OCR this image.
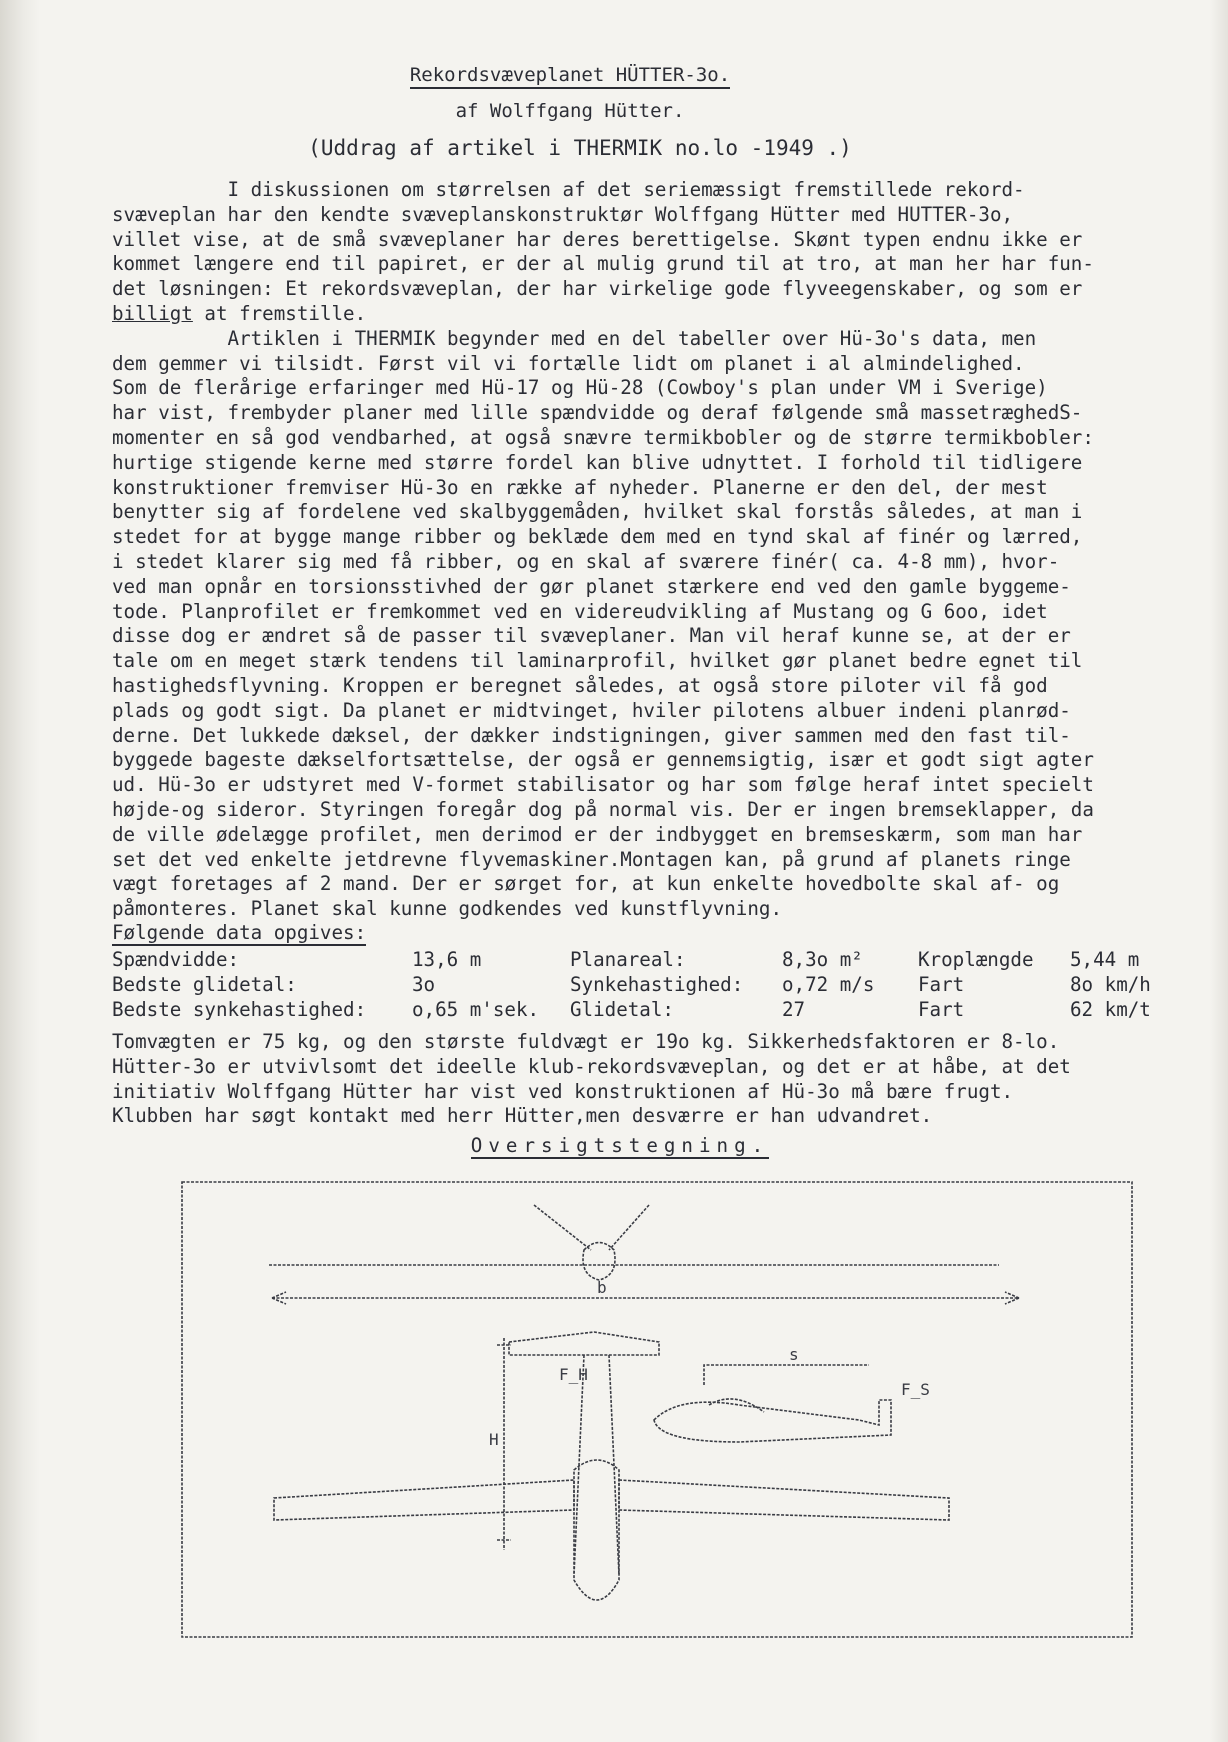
Rekordsvæveplanet HÜTTER-3o.
af Wolffgang Hütter.
(Uddrag af artikel i THERMIK no.lo -1949 .)
I diskussionen om størrelsen af det seriemæssigt fremstillede rekord-
svæveplan har den kendte svæveplanskonstruktør Wolffgang Hütter med HUTTER-3o,
villet vise, at de små svæveplaner har deres berettigelse. Skønt typen endnu ikke er
kommet længere end til papiret, er der al mulig grund til at tro, at man her har fun-
det løsningen: Et rekordsvæveplan, der har virkelige gode flyveegenskaber, og som er
billigt at fremstille.
Artiklen i THERMIK begynder med en del tabeller over Hü-3o's data, men
dem gemmer vi tilsidt. Først vil vi fortælle lidt om planet i al almindelighed.
Som de flerårige erfaringer med Hü-17 og Hü-28 (Cowboy's plan under VM i Sverige)
har vist, frembyder planer med lille spændvidde og deraf følgende små massetræghedS-
momenter en så god vendbarhed, at også snævre termikbobler og de større termikbobler:
hurtige stigende kerne med større fordel kan blive udnyttet. I forhold til tidligere
konstruktioner fremviser Hü-3o en række af nyheder. Planerne er den del, der mest
benytter sig af fordelene ved skalbyggemåden, hvilket skal forstås således, at man i
stedet for at bygge mange ribber og beklæde dem med en tynd skal af finér og lærred,
i stedet klarer sig med få ribber, og en skal af sværere finér( ca. 4-8 mm), hvor-
ved man opnår en torsionsstivhed der gør planet stærkere end ved den gamle byggeme-
tode. Planprofilet er fremkommet ved en videreudvikling af Mustang og G 6oo, idet
disse dog er ændret så de passer til svæveplaner. Man vil heraf kunne se, at der er
tale om en meget stærk tendens til laminarprofil, hvilket gør planet bedre egnet til
hastighedsflyvning. Kroppen er beregnet således, at også store piloter vil få god
plads og godt sigt. Da planet er midtvinget, hviler pilotens albuer indeni planrød-
derne. Det lukkede dæksel, der dækker indstigningen, giver sammen med den fast til-
byggede bageste dækselfortsættelse, der også er gennemsigtig, især et godt sigt agter
ud. Hü-3o er udstyret med V-formet stabilisator og har som følge heraf intet specielt
højde-og sideror. Styringen foregår dog på normal vis. Der er ingen bremseklapper, da
de ville ødelægge profilet, men derimod er der indbygget en bremseskærm, som man har
set det ved enkelte jetdrevne flyvemaskiner.Montagen kan, på grund af planets ringe
vægt foretages af 2 mand. Der er sørget for, at kun enkelte hovedbolte skal af- og
påmonteres. Planet skal kunne godkendes ved kunstflyvning.
Følgende data opgives:
Spændvidde:	13,6 m	Planareal:	8,3o m²	Kroplængde	5,44 m
Bedste glidetal:	3o	Synkehastighed:	o,72 m/s	Fart	8o km/h
Bedste synkehastighed:	o,65 m'sek.	Glidetal:	27	Fart	62 km/t
Tomvægten er 75 kg, og den største fuldvægt er 19o kg. Sikkerhedsfaktoren er 8-lo.
Hütter-3o er utvivlsomt det ideelle klub-rekordsvæveplan, og det er at håbe, at det
initiativ Wolffgang Hütter har vist ved konstruktionen af Hü-3o må bære frugt.
Klubben har søgt kontakt med herr Hütter,men desværre er han udvandret.
Oversigtstegning.
b
F_H
F_S
s
H
